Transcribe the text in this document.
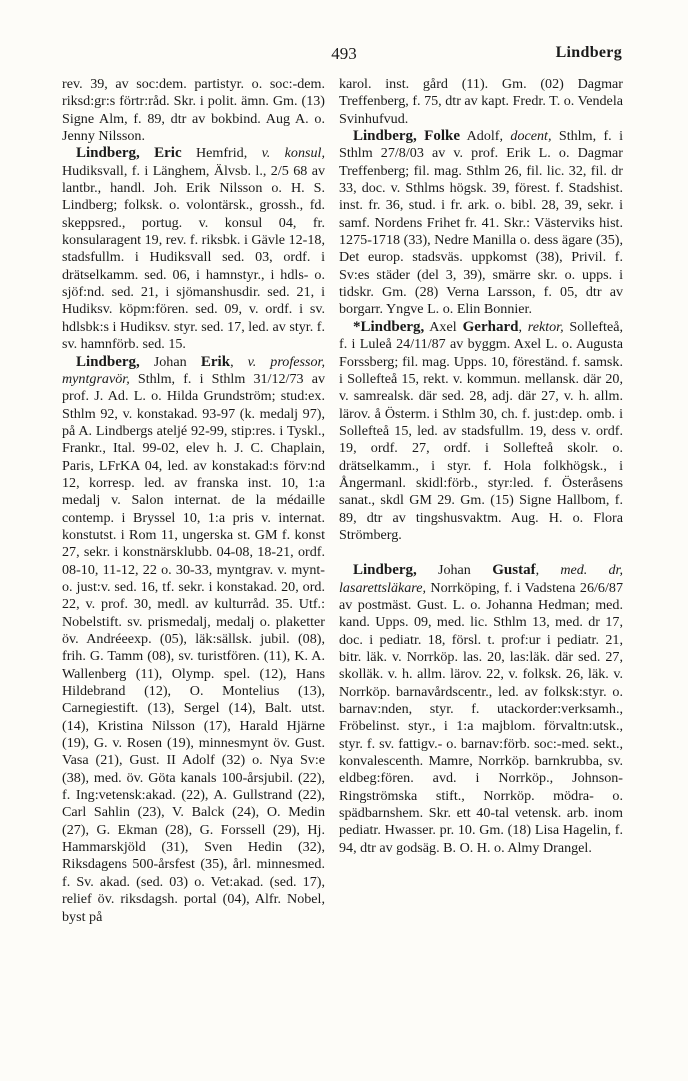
493	Lindberg

rev. 39, av soc:dem. partistyr. o. soc:-dem. riksd:gr:s förtr:råd. Skr. i polit. ämn. Gm. (13) Signe Alm, f. 89, dtr av bokbind. Aug A. o. Jenny Nilsson.

Lindberg, Eric Hemfrid, v. konsul, Hudiksvall, f. i Länghem, Älvsb. l., 2/5 68 av lantbr., handl. Joh. Erik Nilsson o. H. S. Lindberg; folksk. o. volontärsk., grossh., fd. skeppsred., portug. v. konsul 04, fr. konsularagent 19, rev. f. riksbk. i Gävle 12-18, stadsfullm. i Hudiksvall sed. 03, ordf. i drätselkamm. sed. 06, i hamnstyr., i hdls- o. sjöf:nd. sed. 21, i sjömanshusdir. sed. 21, i Hudiksv. köpm:fören. sed. 09, v. ordf. i sv. hdlsbk:s i Hudiksv. styr. sed. 17, led. av styr. f. sv. hamnförb. sed. 15.

Lindberg, Johan Erik, v. professor, myntgravör, Sthlm, f. i Sthlm 31/12/73 av prof. J. Ad. L. o. Hilda Grundström; stud:ex. Sthlm 92, v. konstakad. 93-97 (k. medalj 97), på A. Lindbergs ateljé 92-99, stip:res. i Tyskl., Frankr., Ital. 99-02, elev h. J. C. Chaplain, Paris, LFrKA 04, led. av konstakad:s förv:nd 12, korresp. led. av franska inst. 10, 1:a medalj v. Salon internat. de la médaille contemp. i Bryssel 10, 1:a pris v. internat. konstutst. i Rom 11, ungerska st. GM f. konst 27, sekr. i konstnärsklubb. 04-08, 18-21, ordf. 08-10, 11-12, 22 o. 30-33, myntgrav. v. mynt- o. just:v. sed. 16, tf. sekr. i konstakad. 20, ord. 22, v. prof. 30, medl. av kulturråd. 35. Utf.: Nobelstift. sv. prismedalj, medalj o. plaketter öv. Andréeexp. (05), läk:sällsk. jubil. (08), frih. G. Tamm (08), sv. turistfören. (11), K. A. Wallenberg (11), Olymp. spel. (12), Hans Hildebrand (12), O. Montelius (13), Carnegiestift. (13), Sergel (14), Balt. utst. (14), Kristina Nilsson (17), Harald Hjärne (19), G. v. Rosen (19), minnesmynt öv. Gust. Vasa (21), Gust. II Adolf (32) o. Nya Sv:e (38), med. öv. Göta kanals 100-årsjubil. (22), f. Ing:vetensk:akad. (22), A. Gullstrand (22), Carl Sahlin (23), V. Balck (24), O. Medin (27), G. Ekman (28), G. Forssell (29), Hj. Hammarskjöld (31), Sven Hedin (32), Riksdagens 500-årsfest (35), årl. minnesmed. f. Sv. akad. (sed. 03) o. Vet:akad. (sed. 17), relief öv. riksdagsh. portal (04), Alfr. Nobel, byst på

karol. inst. gård (11). Gm. (02) Dagmar Treffenberg, f. 75, dtr av kapt. Fredr. T. o. Vendela Svinhufvud.

Lindberg, Folke Adolf, docent, Sthlm, f. i Sthlm 27/8/03 av v. prof. Erik L. o. Dagmar Treffenberg; fil. mag. Sthlm 26, fil. lic. 32, fil. dr 33, doc. v. Sthlms högsk. 39, förest. f. Stadshist. inst. fr. 36, stud. i fr. ark. o. bibl. 28, 39, sekr. i samf. Nordens Frihet fr. 41. Skr.: Västerviks hist. 1275-1718 (33), Nedre Manilla o. dess ägare (35), Det europ. stadsväs. uppkomst (38), Privil. f. Sv:es städer (del 3, 39), smärre skr. o. upps. i tidskr. Gm. (28) Verna Larsson, f. 05, dtr av borgarr. Yngve L. o. Elin Bonnier.

*Lindberg, Axel Gerhard, rektor, Sollefteå, f. i Luleå 24/11/87 av byggm. Axel L. o. Augusta Forssberg; fil. mag. Upps. 10, föreständ. f. samsk. i Sollefteå 15, rekt. v. kommun. mellansk. där 20, v. samrealsk. där sed. 28, adj. där 27, v. h. allm. lärov. å Österm. i Sthlm 30, ch. f. just:dep. omb. i Sollefteå 15, led. av stadsfullm. 19, dess v. ordf. 19, ordf. 27, ordf. i Sollefteå skolr. o. drätselkamm., i styr. f. Hola folkhögsk., i Ångermanl. skidl:förb., styr:led. f. Österåsens sanat., skdl GM 29. Gm. (15) Signe Hallbom, f. 89, dtr av tingshusvaktm. Aug. H. o. Flora Strömberg.

Lindberg, Johan Gustaf, med. dr, lasarettsläkare, Norrköping, f. i Vadstena 26/6/87 av postmäst. Gust. L. o. Johanna Hedman; med. kand. Upps. 09, med. lic. Sthlm 13, med. dr 17, doc. i pediatr. 18, försl. t. prof:ur i pediatr. 21, bitr. läk. v. Norrköp. las. 20, las:läk. där sed. 27, skolläk. v. h. allm. lärov. 22, v. folksk. 26, läk. v. Norrköp. barnavårdscentr., led. av folksk:styr. o. barnav:nden, styr. f. utackorder:verksamh., Fröbelinst. styr., i 1:a majblom. förvaltn:utsk., styr. f. sv. fattigv.- o. barnav:förb. soc:-med. sekt., konvalescenth. Mamre, Norrköp. barnkrubba, sv. eldbeg:fören. avd. i Norrköp., Johnson-Ringströmska stift., Norrköp. mödra- o. spädbarnshem. Skr. ett 40-tal vetensk. arb. inom pediatr. Hwasser. pr. 10. Gm. (18) Lisa Hagelin, f. 94, dtr av godsäg. B. O. H. o. Almy Drangel.
